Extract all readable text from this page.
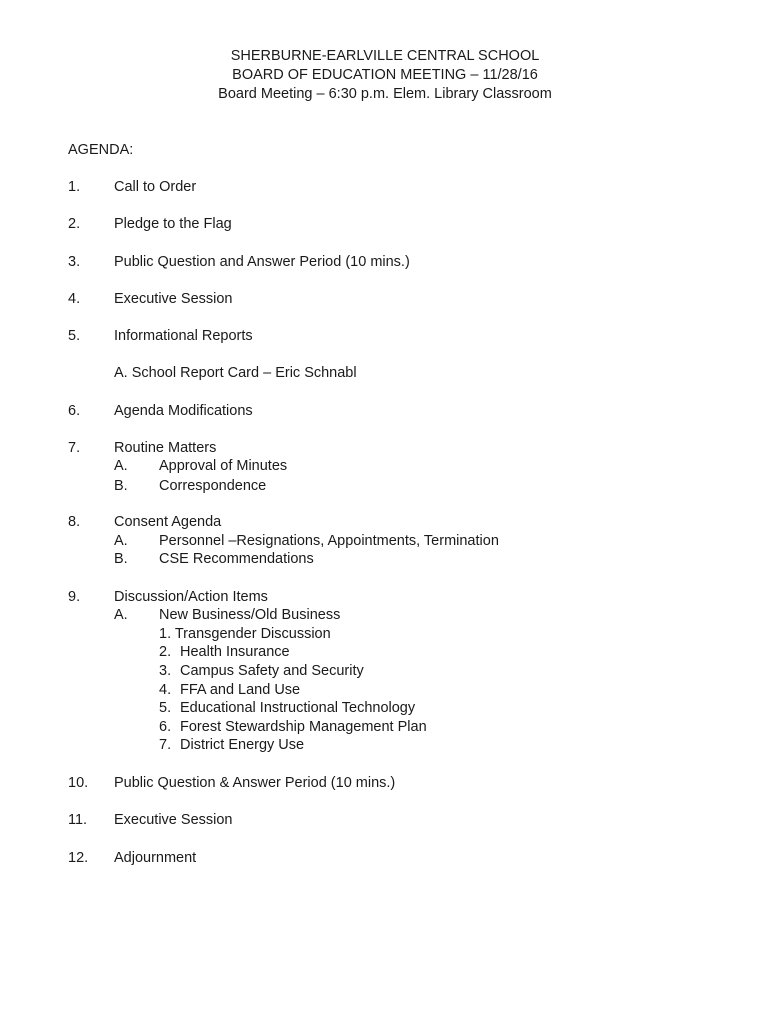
SHERBURNE-EARLVILLE CENTRAL SCHOOL
BOARD OF EDUCATION MEETING – 11/28/16
Board Meeting – 6:30 p.m. Elem. Library Classroom
AGENDA:
1. Call to Order
2. Pledge to the Flag
3. Public Question and Answer Period (10 mins.)
4. Executive Session
5. Informational Reports
A. School Report Card – Eric Schnabl
6. Agenda Modifications
7. Routine Matters
A. Approval of Minutes
B. Correspondence
8. Consent Agenda
A. Personnel –Resignations, Appointments, Termination
B. CSE Recommendations
9. Discussion/Action Items
A. New Business/Old Business
1. Transgender Discussion
2. Health Insurance
3. Campus Safety and Security
4. FFA and Land Use
5. Educational Instructional Technology
6. Forest Stewardship Management Plan
7. District Energy Use
10. Public Question & Answer Period (10 mins.)
11. Executive Session
12. Adjournment
